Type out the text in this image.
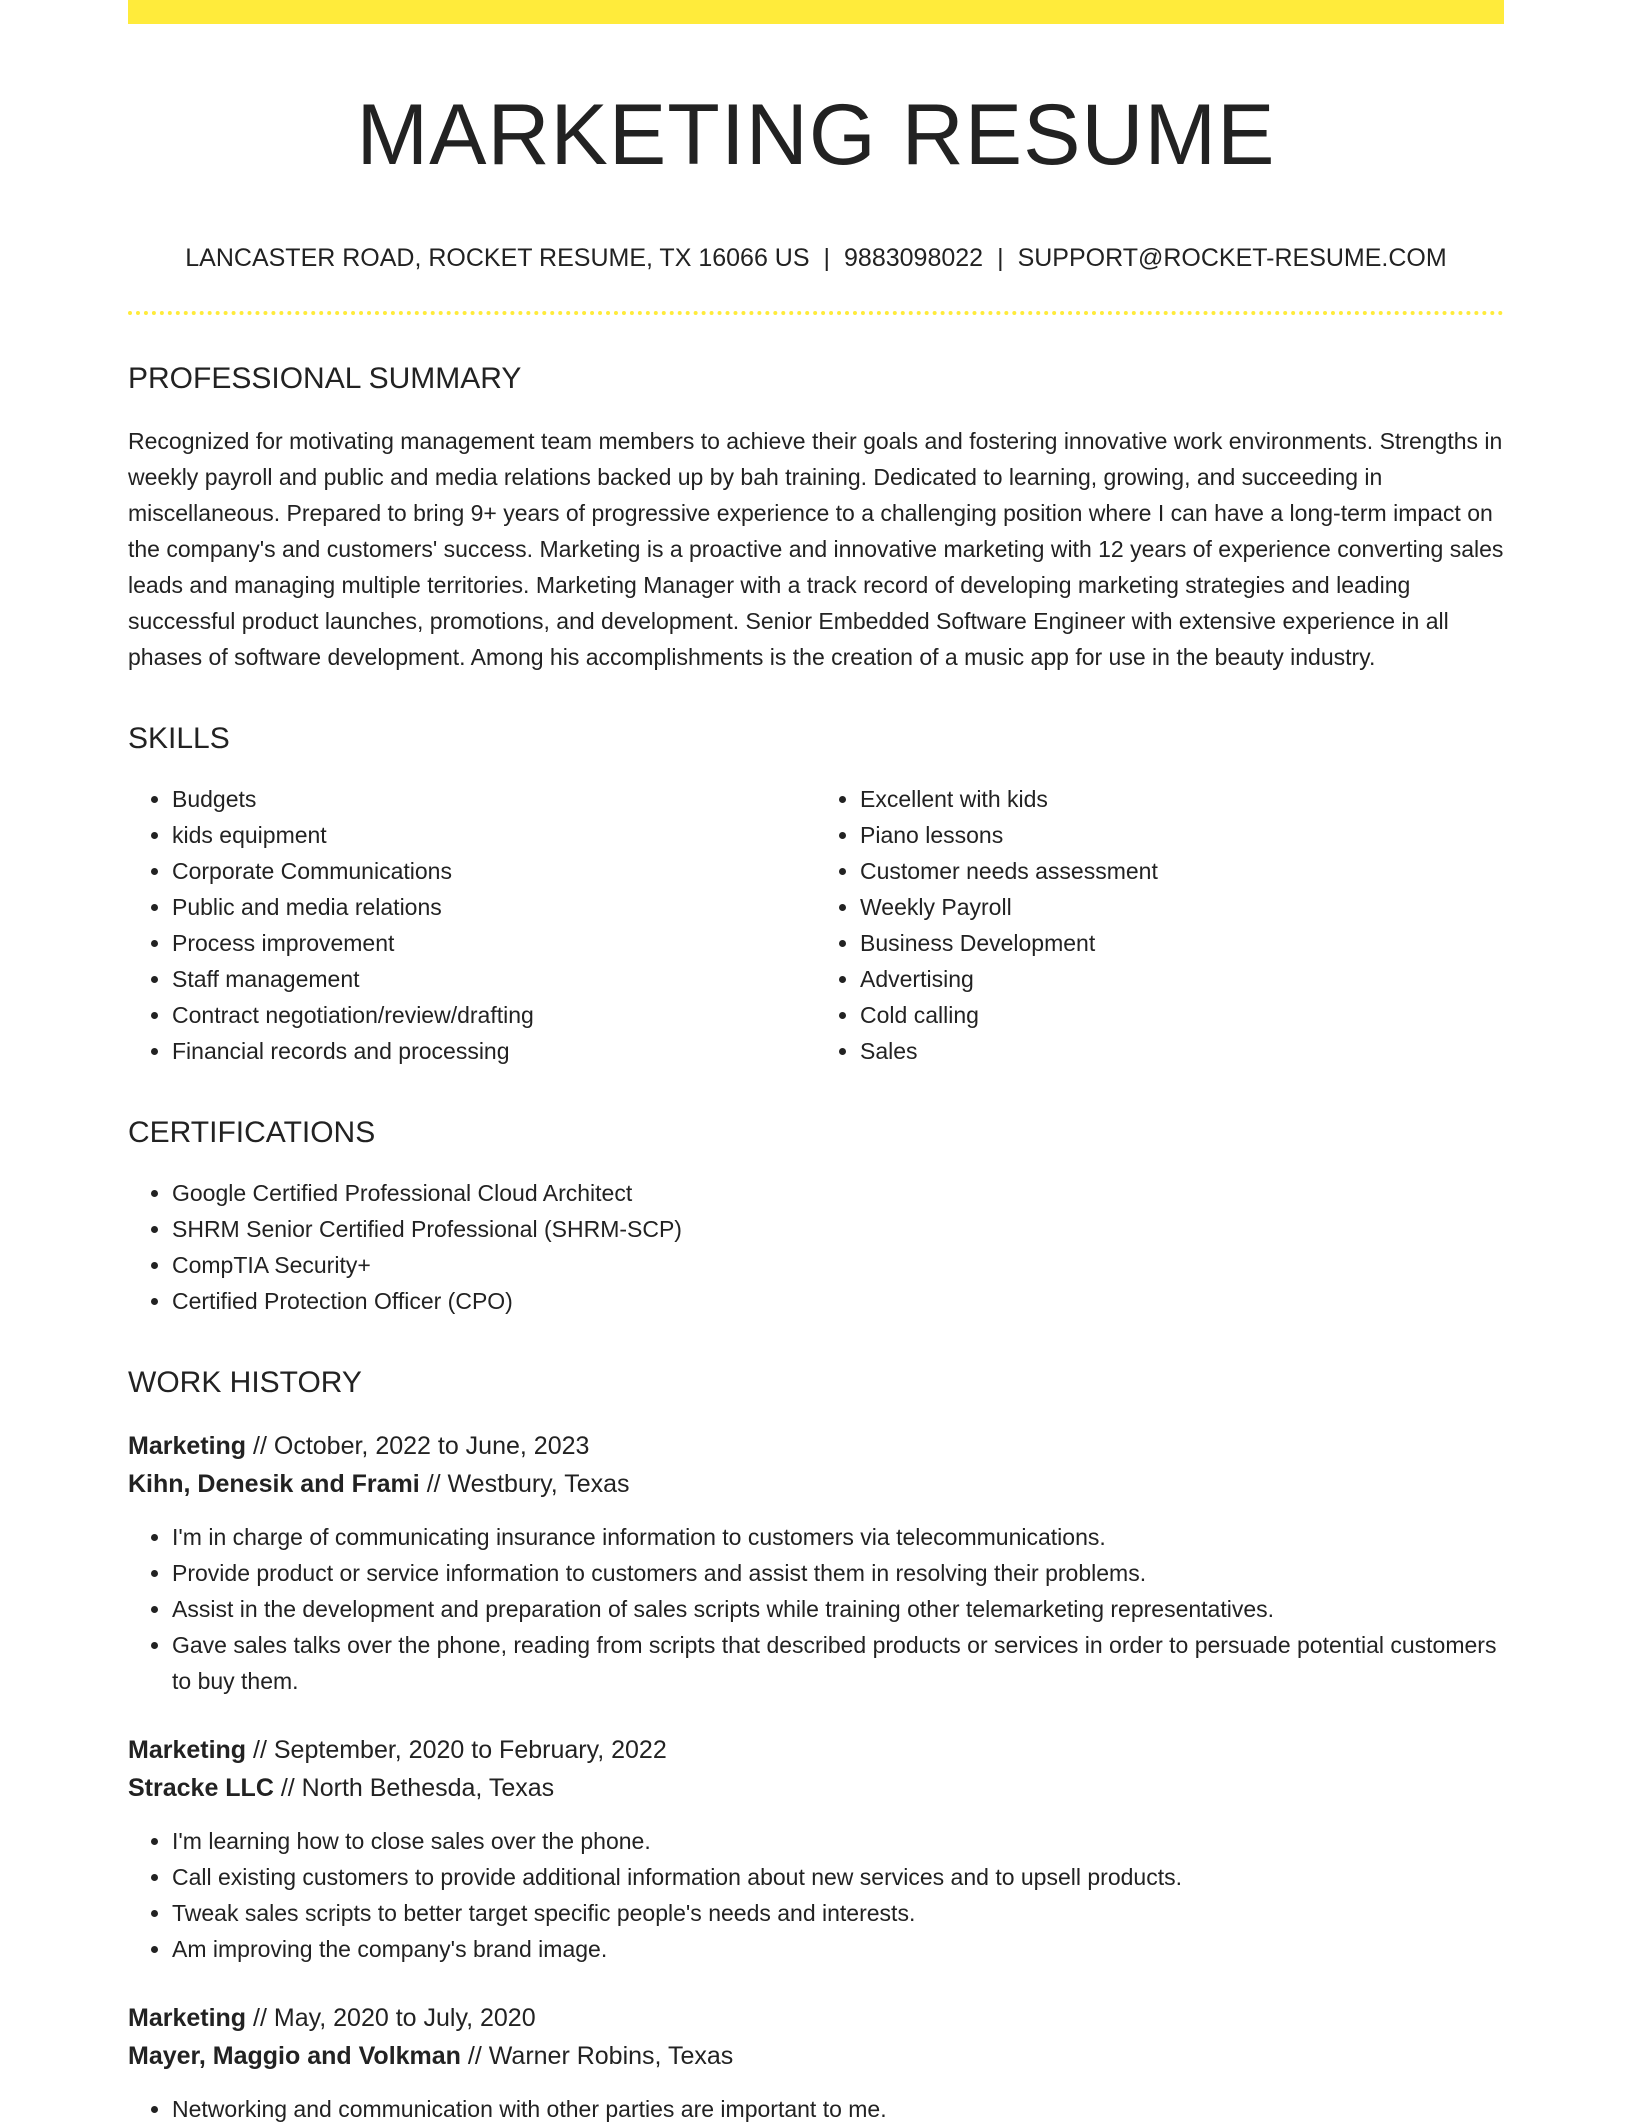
MARKETING RESUME
LANCASTER ROAD, ROCKET RESUME, TX 16066 US | 9883098022 | SUPPORT@ROCKET-RESUME.COM
PROFESSIONAL SUMMARY

Recognized for motivating management team members to achieve their goals and fostering innovative work environments. Strengths in weekly payroll and public and media relations backed up by bah training. Dedicated to learning, growing, and succeeding in miscellaneous. Prepared to bring 9+ years of progressive experience to a challenging position where I can have a long-term impact on the company's and customers' success. Marketing is a proactive and innovative marketing with 12 years of experience converting sales leads and managing multiple territories. Marketing Manager with a track record of developing marketing strategies and leading successful product launches, promotions, and development. Senior Embedded Software Engineer with extensive experience in all phases of software development. Among his accomplishments is the creation of a music app for use in the beauty industry.

SKILLS
• Budgets
• kids equipment
• Corporate Communications
• Public and media relations
• Process improvement
• Staff management
• Contract negotiation/review/drafting
• Financial records and processing
• Excellent with kids
• Piano lessons
• Customer needs assessment
• Weekly Payroll
• Business Development
• Advertising
• Cold calling
• Sales
CERTIFICATIONS
• Google Certified Professional Cloud Architect
• SHRM Senior Certified Professional (SHRM-SCP)
• CompTIA Security+
• Certified Protection Officer (CPO)
WORK HISTORY
Marketing // October, 2022 to June, 2023
Kihn, Denesik and Frami // Westbury, Texas
• I'm in charge of communicating insurance information to customers via telecommunications.
• Provide product or service information to customers and assist them in resolving their problems.
• Assist in the development and preparation of sales scripts while training other telemarketing representatives.
• Gave sales talks over the phone, reading from scripts that described products or services in order to persuade potential customers to buy them.
Marketing // September, 2020 to February, 2022
Stracke LLC // North Bethesda, Texas
• I'm learning how to close sales over the phone.
• Call existing customers to provide additional information about new services and to upsell products.
• Tweak sales scripts to better target specific people's needs and interests.
• Am improving the company's brand image.
Marketing // May, 2020 to July, 2020
Mayer, Maggio and Volkman // Warner Robins, Texas
• Networking and communication with other parties are important to me.
